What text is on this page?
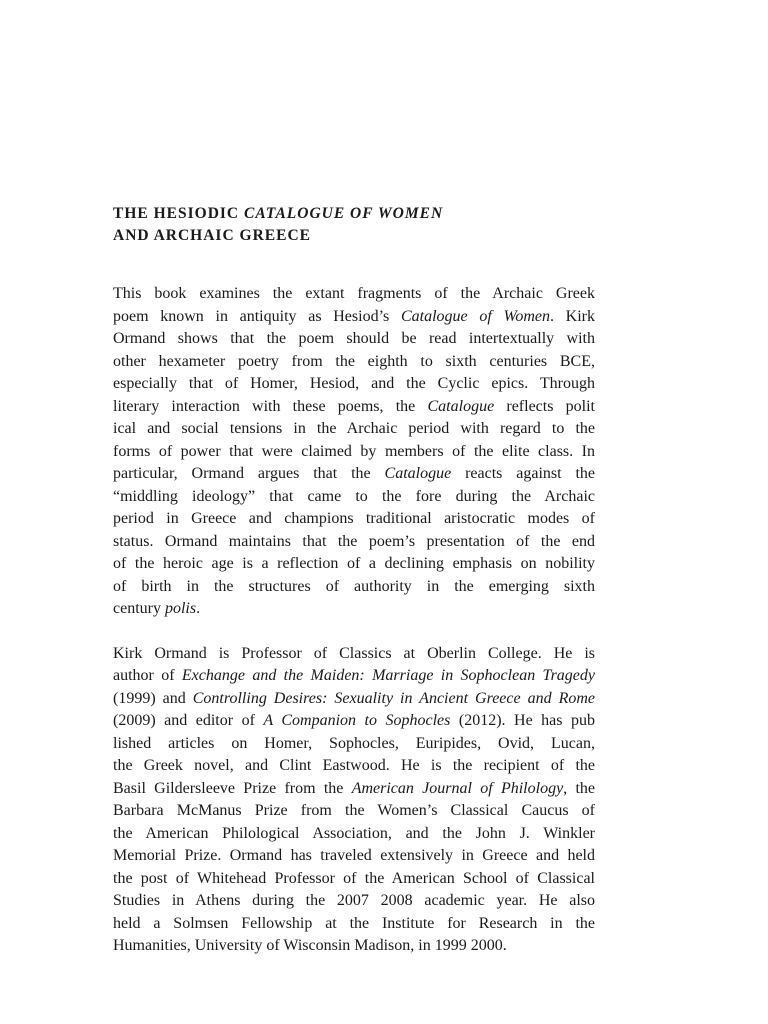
THE HESIODIC CATALOGUE OF WOMEN
AND ARCHAIC GREECE
This book examines the extant fragments of the Archaic Greek
poem known in antiquity as Hesiod’s Catalogue of Women. Kirk
Ormand shows that the poem should be read intertextually with
other hexameter poetry from the eighth to sixth centuries BCE,
especially that of Homer, Hesiod, and the Cyclic epics. Through
literary interaction with these poems, the Catalogue reflects polit
ical and social tensions in the Archaic period with regard to the
forms of power that were claimed by members of the elite class. In
particular, Ormand argues that the Catalogue reacts against the
“middling ideology” that came to the fore during the Archaic
period in Greece and champions traditional aristocratic modes of
status. Ormand maintains that the poem’s presentation of the end
of the heroic age is a reflection of a declining emphasis on nobility
of birth in the structures of authority in the emerging sixth
century polis.
Kirk Ormand is Professor of Classics at Oberlin College. He is
author of Exchange and the Maiden: Marriage in Sophoclean Tragedy
(1999) and Controlling Desires: Sexuality in Ancient Greece and Rome
(2009) and editor of A Companion to Sophocles (2012). He has pub
lished articles on Homer, Sophocles, Euripides, Ovid, Lucan,
the Greek novel, and Clint Eastwood. He is the recipient of the
Basil Gildersleeve Prize from the American Journal of Philology, the
Barbara McManus Prize from the Women’s Classical Caucus of
the American Philological Association, and the John J. Winkler
Memorial Prize. Ormand has traveled extensively in Greece and held
the post of Whitehead Professor of the American School of Classical
Studies in Athens during the 2007 2008 academic year. He also
held a Solmsen Fellowship at the Institute for Research in the
Humanities, University of Wisconsin Madison, in 1999 2000.
